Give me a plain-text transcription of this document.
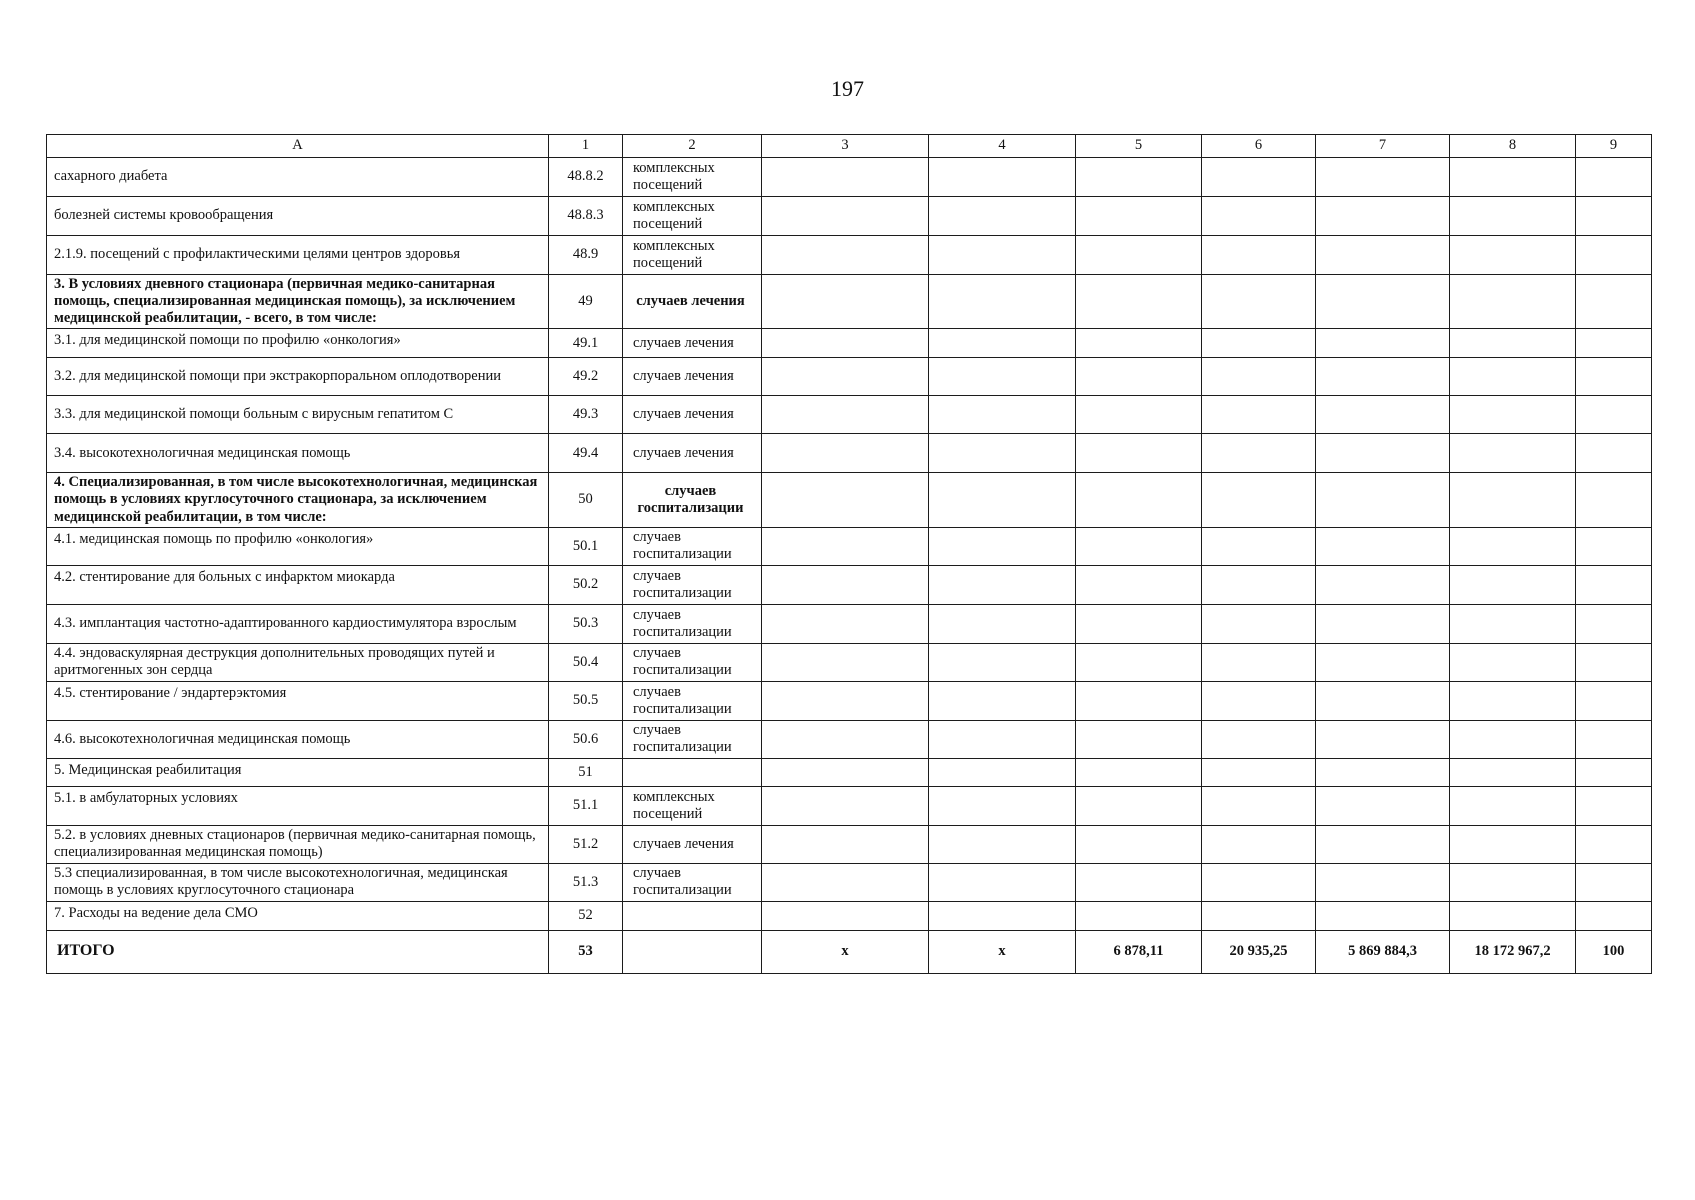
197
А	1	2	3	4	5	6	7	8	9
сахарного диабета	48.8.2	комплексных посещений							
болезней системы кровообращения	48.8.3	комплексных посещений							
2.1.9. посещений с профилактическими целями центров здоровья	48.9	комплексных посещений							
3. В условиях дневного стационара (первичная медико-санитарная помощь, специализированная медицинская помощь), за исключением медицинской реабилитации, - всего, в том числе:	49	случаев лечения							
3.1. для медицинской помощи по профилю «онкология»	49.1	случаев лечения							
3.2. для медицинской помощи при экстракорпоральном оплодотворении	49.2	случаев лечения							
3.3. для медицинской помощи больным с вирусным гепатитом С	49.3	случаев лечения							
3.4. высокотехнологичная медицинская помощь	49.4	случаев лечения							
4. Специализированная, в том числе высокотехнологичная, медицинская помощь в условиях круглосуточного стационара, за исключением медицинской реабилитации, в том числе:	50	случаев госпитализации							
4.1. медицинская помощь по профилю «онкология»	50.1	случаев госпитализации							
4.2. стентирование для больных с инфарктом миокарда	50.2	случаев госпитализации							
4.3. имплантация частотно-адаптированного кардиостимулятора взрослым	50.3	случаев госпитализации							
4.4. эндоваскулярная деструкция дополнительных проводящих путей и аритмогенных зон сердца	50.4	случаев госпитализации							
4.5. стентирование / эндартерэктомия	50.5	случаев госпитализации							
4.6. высокотехнологичная медицинская помощь	50.6	случаев госпитализации							
5. Медицинская реабилитация	51								
5.1. в амбулаторных условиях	51.1	комплексных посещений							
5.2. в условиях дневных стационаров (первичная медико-санитарная помощь, специализированная медицинская помощь)	51.2	случаев лечения							
5.3 специализированная, в том числе высокотехнологичная, медицинская помощь в условиях круглосуточного стационара	51.3	случаев госпитализации							
7. Расходы на ведение дела СМО	52								
ИТОГО	53		х	х	6 878,11	20 935,25	5 869 884,3	18 172 967,2	100
